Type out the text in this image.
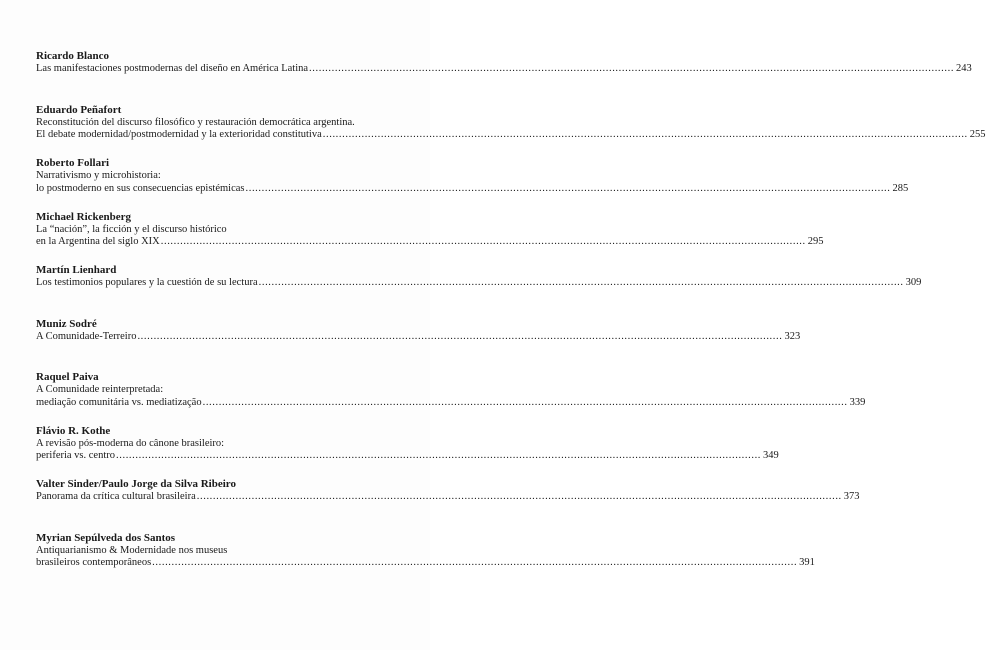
Ricardo Blanco
Las manifestaciones postmodernas del diseño en América Latina ........................................................................................................................................................................................................ 243
Eduardo Peñafort
Reconstitución del discurso filosófico y restauración democrática argentina.
El debate modernidad/postmodernidad y la exterioridad constitutiva ........................................................................................................................................................................................................ 255
Roberto Follari
Narrativismo y microhistoria:
lo postmoderno en sus consecuencias epistémicas ........................................................................................................................................................................................................ 285
Michael Rickenberg
La “nación”, la ficción y el discurso histórico
en la Argentina del siglo XIX ........................................................................................................................................................................................................ 295
Martín Lienhard
Los testimonios populares y la cuestión de su lectura ........................................................................................................................................................................................................ 309
Muniz Sodré
A Comunidade-Terreiro ........................................................................................................................................................................................................ 323
Raquel Paiva
A Comunidade reinterpretada:
mediação comunitária vs. mediatização ........................................................................................................................................................................................................ 339
Flávio R. Kothe
A revisão pós-moderna do cânone brasileiro:
periferia vs. centro ........................................................................................................................................................................................................ 349
Valter Sinder/Paulo Jorge da Silva Ribeiro
Panorama da crítica cultural brasileira ........................................................................................................................................................................................................ 373
Myrian Sepúlveda dos Santos
Antiquarianismo & Modernidade nos museus
brasileiros contemporâneos ........................................................................................................................................................................................................ 391
